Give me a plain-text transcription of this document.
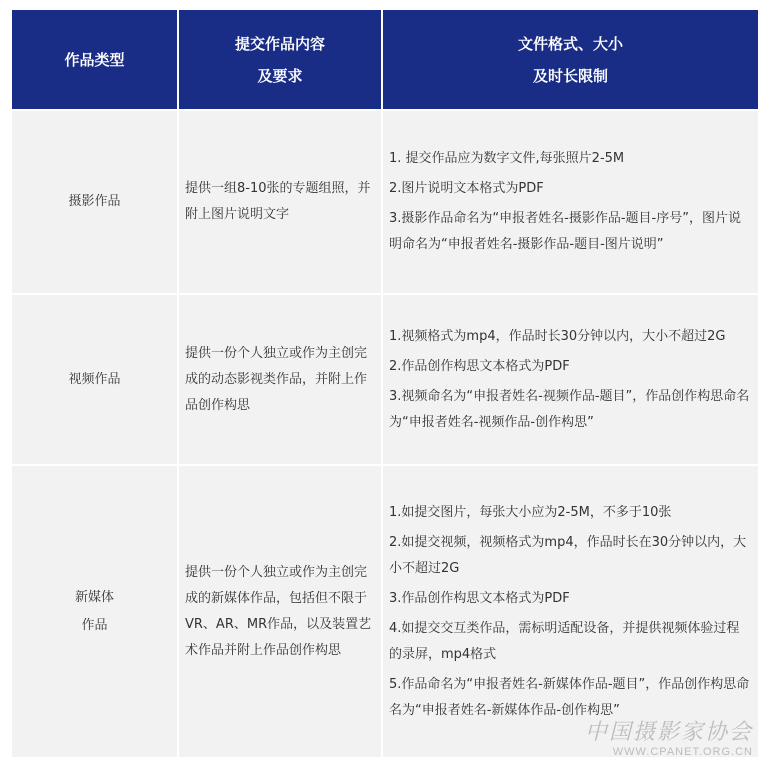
作品类型
提交作品内容
及要求
文件格式、大小
及时长限制
摄影作品
提供一组8-10张的专题组照，并附上图片说明文字

1. 提交作品应为数字文件,每张照片2-5M

2.图片说明文本格式为PDF

3.摄影作品命名为“申报者姓名-摄影作品-题目-序号”，图片说明命名为“申报者姓名-摄影作品-题目-图片说明”

视频作品
提供一份个人独立或作为主创完成的动态影视类作品，并附上作品创作构思

1.视频格式为mp4，作品时长30分钟以内，大小不超过2G

2.作品创作构思文本格式为PDF

3.视频命名为“申报者姓名-视频作品-题目”，作品创作构思命名为“申报者姓名-视频作品-创作构思”

新媒体
作品
提供一份个人独立或作为主创完成的新媒体作品，包括但不限于VR、AR、MR作品，以及装置艺术作品并附上作品创作构思

1.如提交图片，每张大小应为2-5M，不多于10张

2.如提交视频，视频格式为mp4，作品时长在30分钟以内，大小不超过2G

3.作品创作构思文本格式为PDF

4.如提交交互类作品，需标明适配设备，并提供视频体验过程的录屏，mp4格式

5.作品命名为“申报者姓名-新媒体作品-题目”，作品创作构思命名为“申报者姓名-新媒体作品-创作构思”

中国摄影家协会
WWW.CPANET.ORG.CN
